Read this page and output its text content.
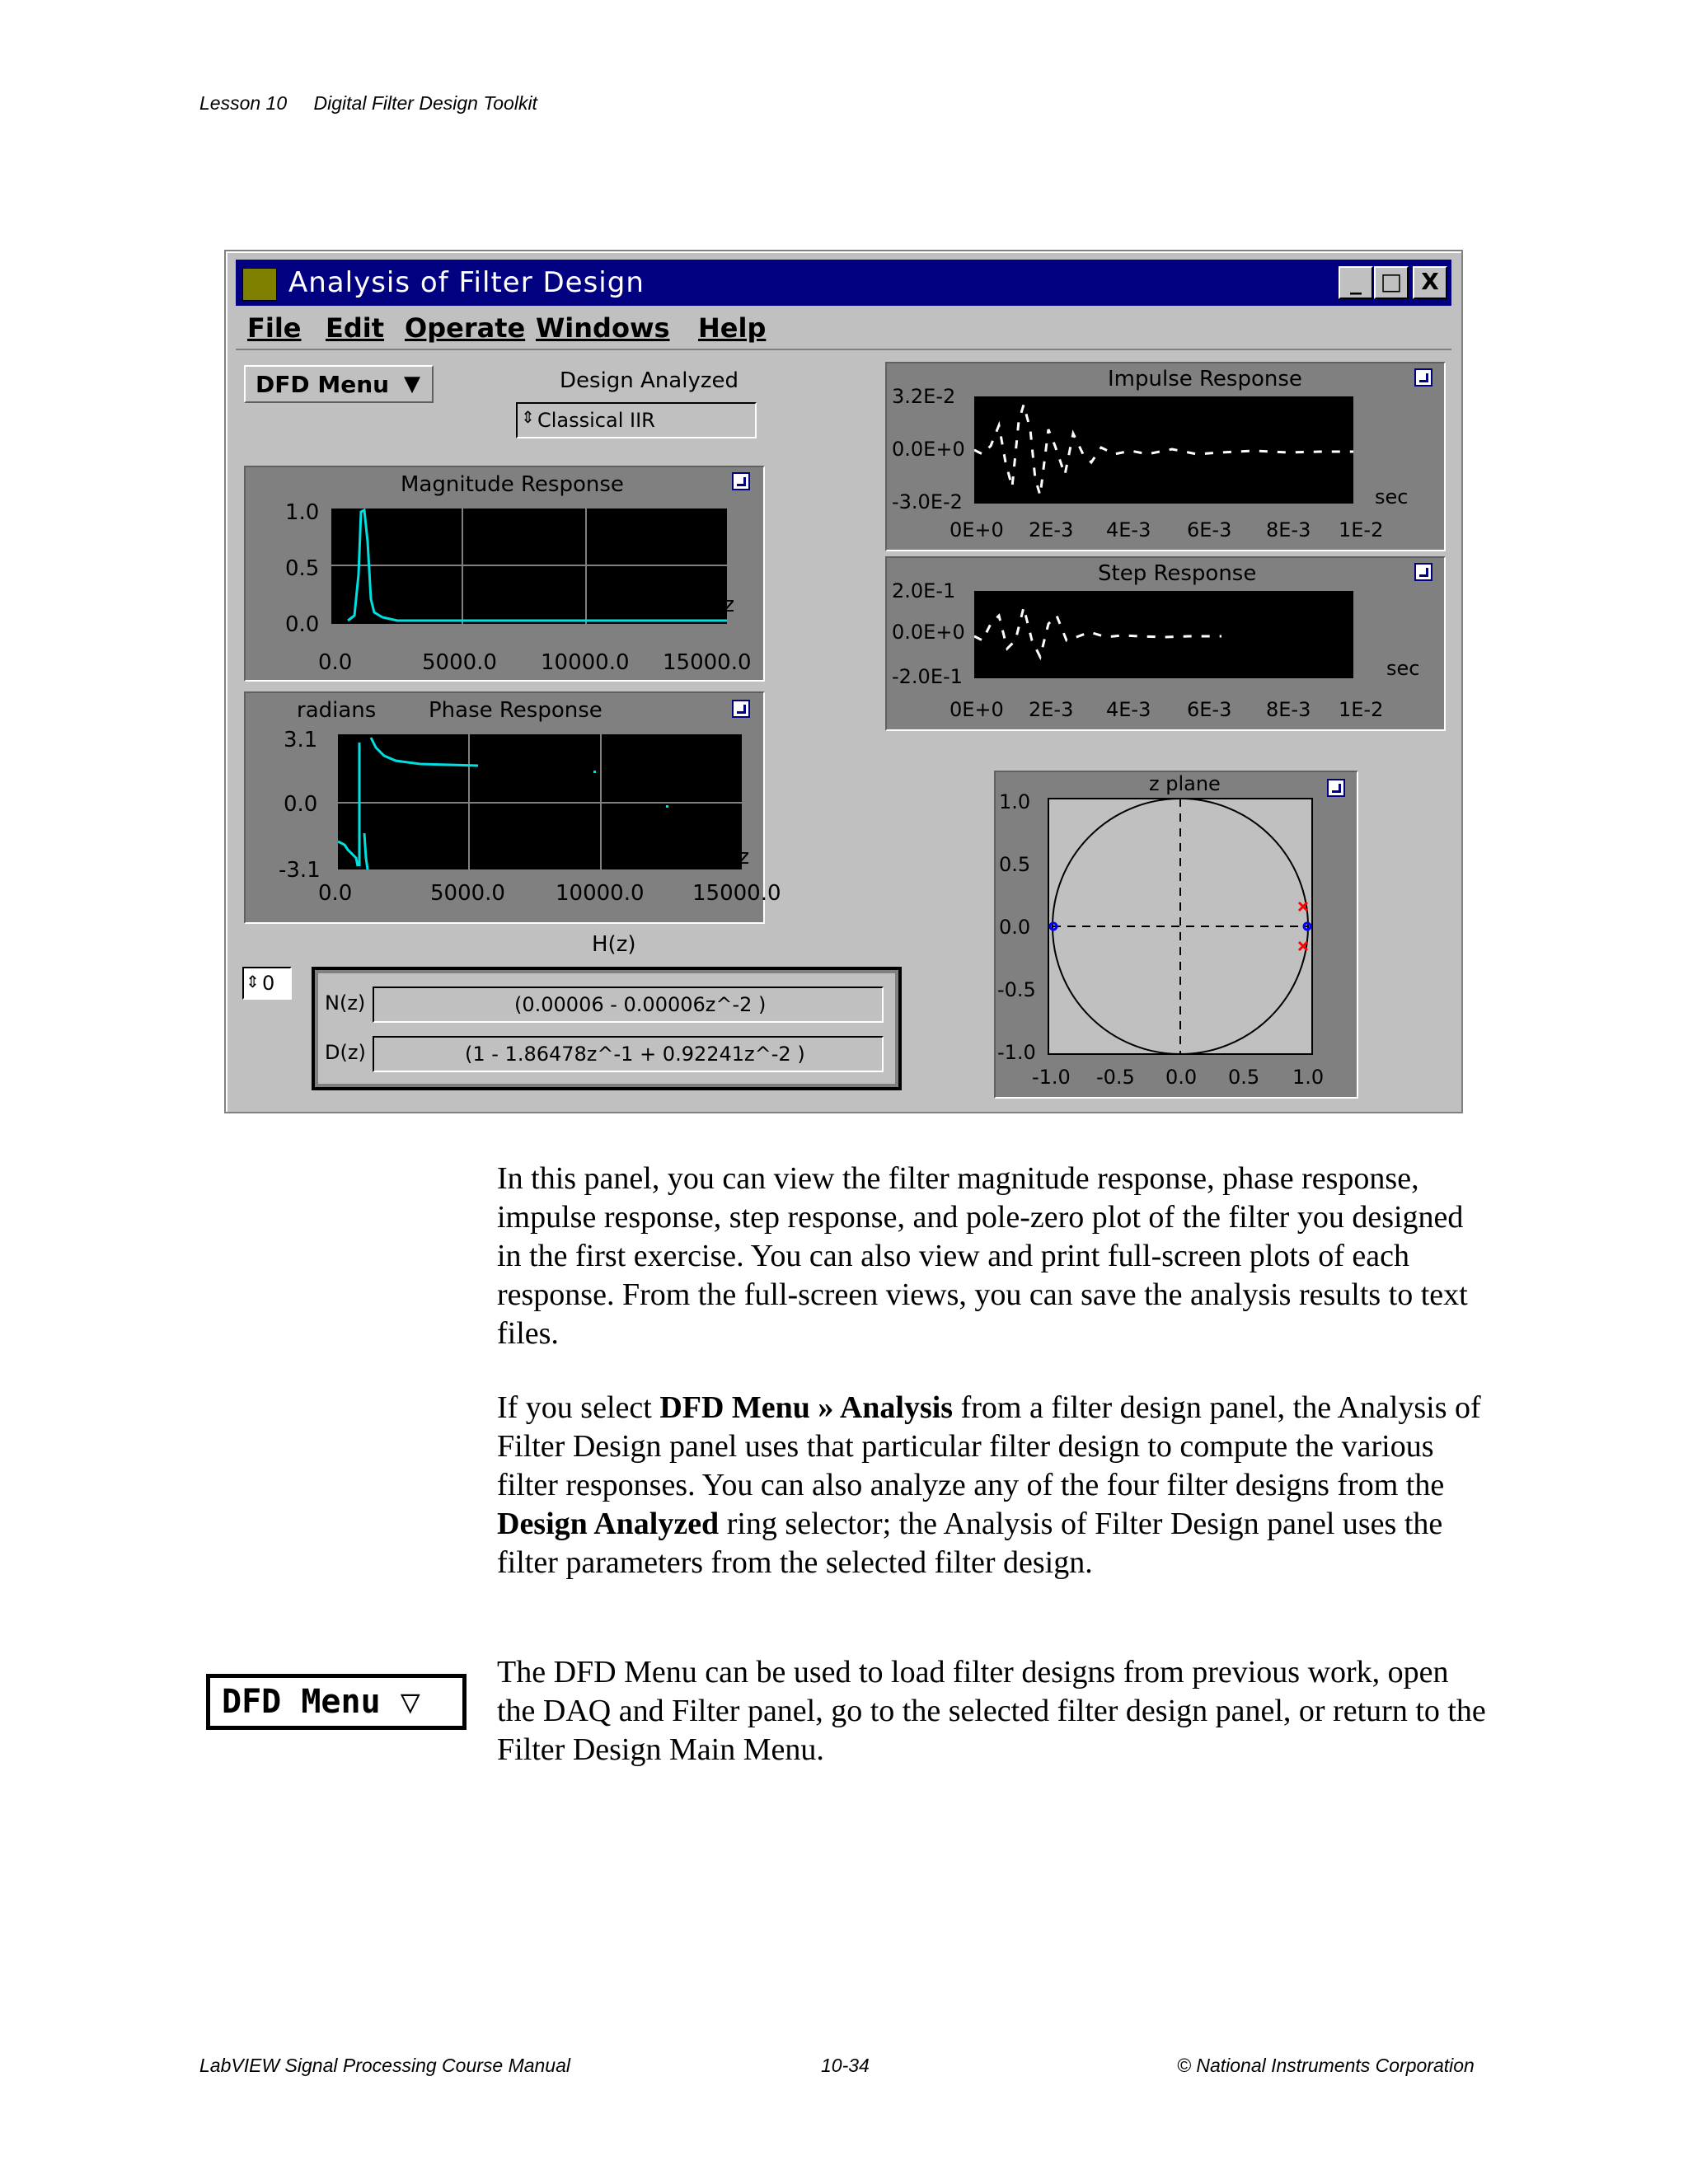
Lesson 10 Digital Filter Design Toolkit
Analysis of Filter Design	_ □ X
File Edit Operate Windows Help
DFD Menu ▼	Design Analyzed
⇕ Classical IIR
Magnitude Response
1.0
0.5
0.0
Hz
0.0	5000.0 10000.0 15000.0
radians Phase Response
3.1
0.0
-3.1
Hz
0.0	5000.0 10000.0 15000.0
Impulse Response
3.2E-2
0.0E+0
-3.0E-2	sec
0E+0 2E-3 4E-3 6E-3 8E-3 1E-2
Step Response
2.0E-1
0.0E+0
-2.0E-1	sec
0E+0 2E-3 4E-3 6E-3 8E-3 1E-2
z plane
1.0
0.5
0.0
-0.5
-1.0
-1.0 -0.5 0.0 0.5 1.0
H(z)
⇕ 0
N(z)	(0.00006 - 0.00006z^-2 )
D(z)	(1 - 1.86478z^-1 + 0.92241z^-2 )

In this panel, you can view the filter magnitude response, phase response, impulse response, step response, and pole-zero plot of the filter you designed in the first exercise. You can also view and print full-screen plots of each response. From the full-screen views, you can save the analysis results to text files.

If you select DFD Menu » Analysis from a filter design panel, the Analysis of Filter Design panel uses that particular filter design to compute the various filter responses. You can also analyze any of the four filter designs from the Design Analyzed ring selector; the Analysis of Filter Design panel uses the filter parameters from the selected filter design.

DFD Menu ▽

The DFD Menu can be used to load filter designs from previous work, open the DAQ and Filter panel, go to the selected filter design panel, or return to the Filter Design Main Menu.

LabVIEW Signal Processing Course Manual	10-34	© National Instruments Corporation
